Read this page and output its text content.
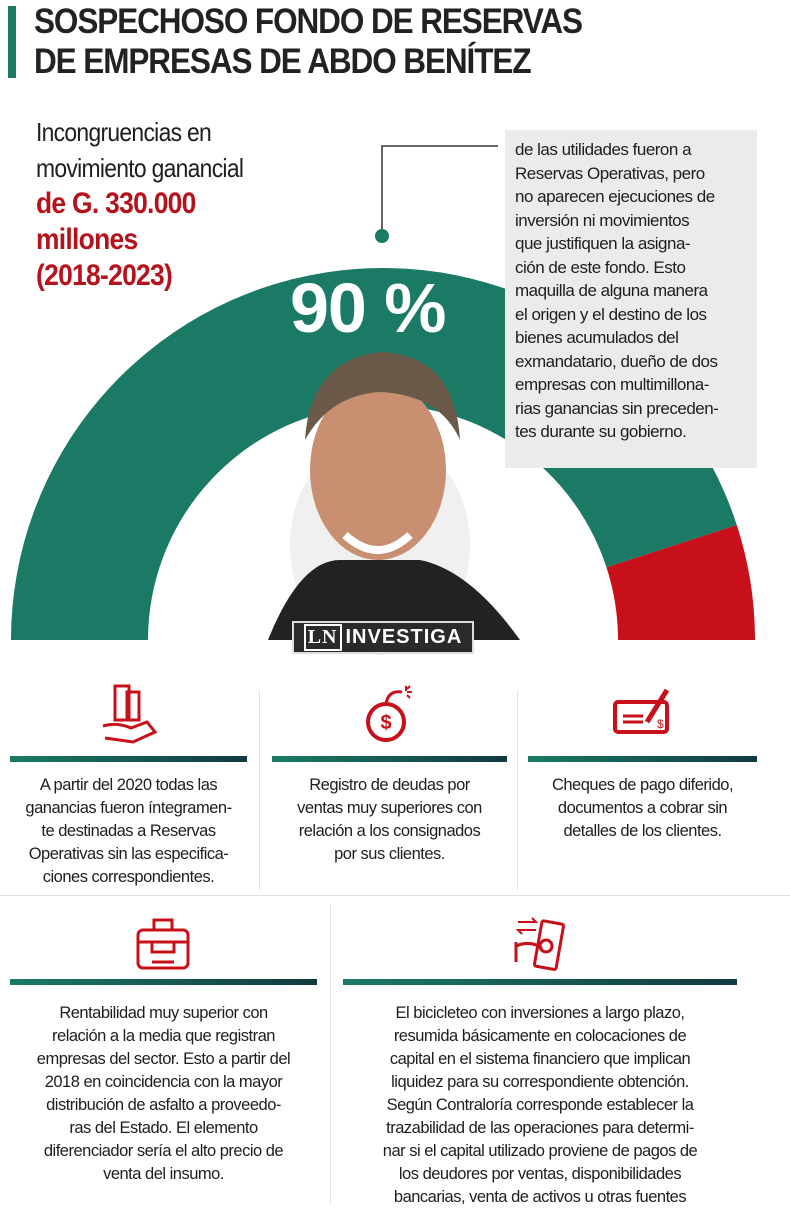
SOSPECHOSO FONDO DE RESERVAS
DE EMPRESAS DE ABDO BENÍTEZ
Incongruencias en
movimiento ganancial
de G. 330.000
millones
(2018-2023)	90 %
de las utilidades fueron a
Reservas Operativas, pero
no aparecen ejecuciones de
inversión ni movimientos
que justifiquen la asigna-
ción de este fondo. Esto
maquilla de alguna manera
el origen y el destino de los
bienes acumulados del
exmandatario, dueño de dos
empresas con multimillona-
rias ganancias sin preceden-
tes durante su gobierno.
LN INVESTIGA
A partir del 2020 todas las
ganancias fueron íntegramen-
te destinadas a Reservas
Operativas sin las especifica-
ciones correspondientes.
$
Registro de deudas por
ventas muy superiores con
relación a los consignados
por sus clientes.
$
Cheques de pago diferido,
documentos a cobrar sin
detalles de los clientes.
Rentabilidad muy superior con
relación a la media que registran
empresas del sector. Esto a partir del
2018 en coincidencia con la mayor
distribución de asfalto a proveedo-
ras del Estado. El elemento
diferenciador sería el alto precio de
venta del insumo.
El bicicleteo con inversiones a largo plazo,
resumida básicamente en colocaciones de
capital en el sistema financiero que implican
liquidez para su correspondiente obtención.
Según Contraloría corresponde establecer la
trazabilidad de las operaciones para determi-
nar si el capital utilizado proviene de pagos de
los deudores por ventas, disponibilidades
bancarias, venta de activos u otras fuentes
